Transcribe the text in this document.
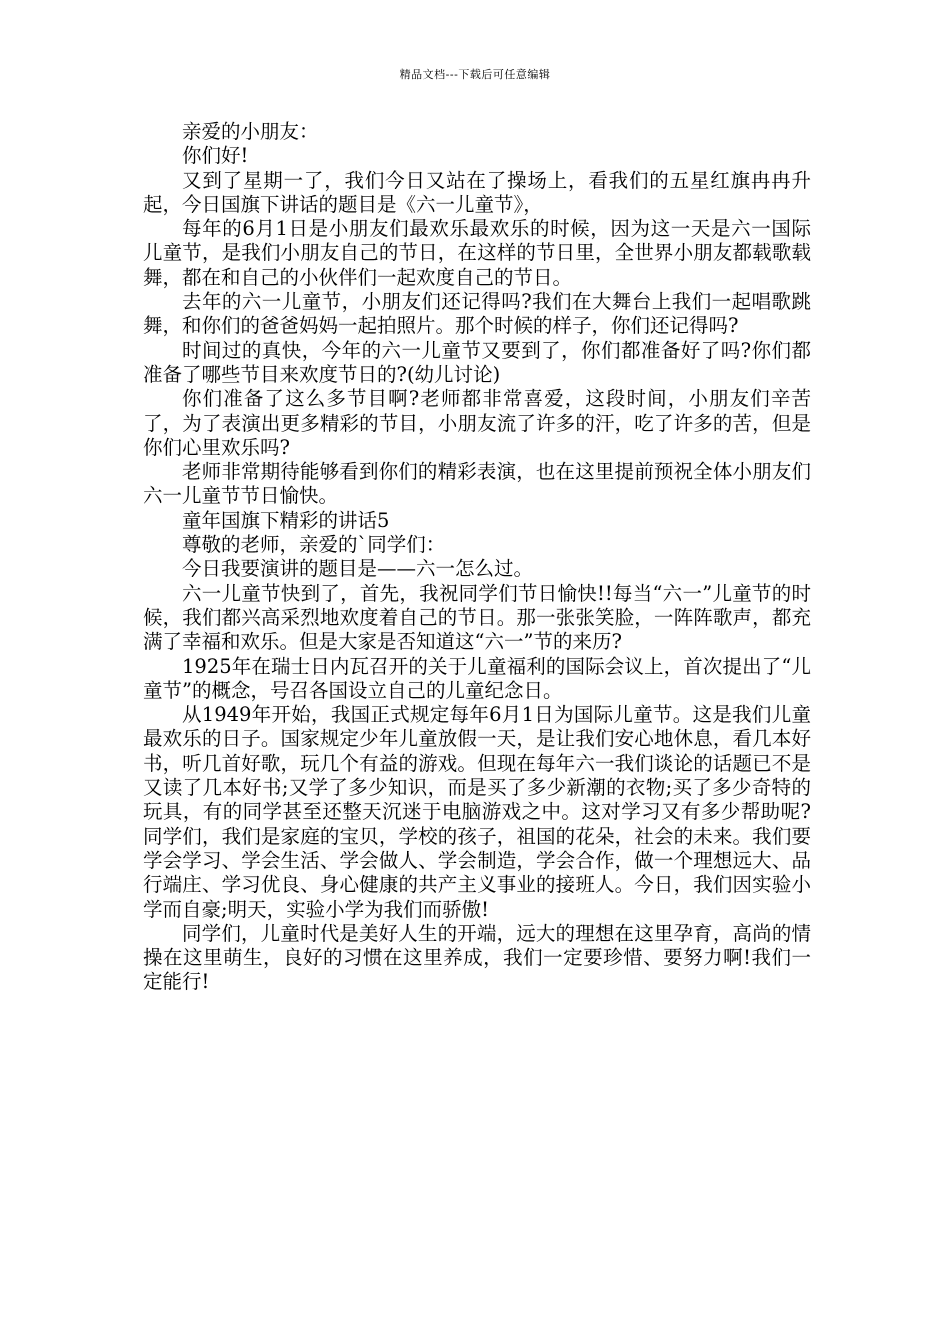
精品文档---下载后可任意编辑

亲爱的小朋友：

你们好!

又到了星期一了，我们今日又站在了操场上，看我们的五星红旗冉冉升起，今日国旗下讲话的题目是《六一儿童节》，

每年的6月1日是小朋友们最欢乐最欢乐的时候，因为这一天是六一国际儿童节，是我们小朋友自己的节日，在这样的节日里，全世界小朋友都载歌载舞，都在和自己的小伙伴们一起欢度自己的节日。

去年的六一儿童节，小朋友们还记得吗?我们在大舞台上我们一起唱歌跳舞，和你们的爸爸妈妈一起拍照片。那个时候的样子，你们还记得吗?

时间过的真快，今年的六一儿童节又要到了，你们都准备好了吗?你们都准备了哪些节目来欢度节日的?(幼儿讨论)

你们准备了这么多节目啊?老师都非常喜爱，这段时间，小朋友们辛苦了，为了表演出更多精彩的节目，小朋友流了许多的汗，吃了许多的苦，但是你们心里欢乐吗?

老师非常期待能够看到你们的精彩表演，也在这里提前预祝全体小朋友们六一儿童节节日愉快。

童年国旗下精彩的讲话5

尊敬的老师，亲爱的`同学们：

今日我要演讲的题目是——六一怎么过。

六一儿童节快到了，首先，我祝同学们节日愉快!!每当“六一”儿童节的时候，我们都兴高采烈地欢度着自己的节日。那一张张笑脸，一阵阵歌声，都充满了幸福和欢乐。但是大家是否知道这“六一”节的来历?

1925年在瑞士日内瓦召开的关于儿童福利的国际会议上，首次提出了“儿童节”的概念，号召各国设立自己的儿童纪念日。

从1949年开始，我国正式规定每年6月1日为国际儿童节。这是我们儿童最欢乐的日子。国家规定少年儿童放假一天，是让我们安心地休息，看几本好书，听几首好歌，玩几个有益的游戏。但现在每年六一我们谈论的话题已不是又读了几本好书;又学了多少知识，而是买了多少新潮的衣物;买了多少奇特的玩具，有的同学甚至还整天沉迷于电脑游戏之中。这对学习又有多少帮助呢?同学们，我们是家庭的宝贝，学校的孩子，祖国的花朵，社会的未来。我们要学会学习、学会生活、学会做人、学会制造，学会合作，做一个理想远大、品行端庄、学习优良、身心健康的共产主义事业的接班人。今日，我们因实验小学而自豪;明天，实验小学为我们而骄傲!

同学们，儿童时代是美好人生的开端，远大的理想在这里孕育，高尚的情操在这里萌生，良好的习惯在这里养成，我们一定要珍惜、要努力啊!我们一定能行!
